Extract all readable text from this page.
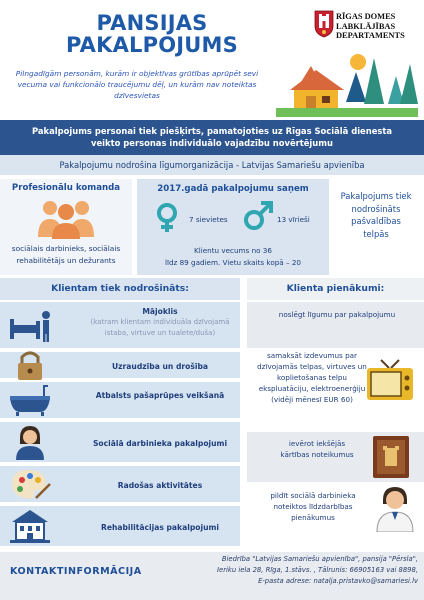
PANSIJAS
PAKALPOJUMS
RĪGAS DOMES
LABKLĀJĪBAS
DEPARTAMENTS
Pilngadīgām personām, kurām ir objektīvas grūtības aprūpēt sevi vecuma vai funkcionālo traucējumu dēļ, un kurām nav noteiktas dzīvesvietas
Pakalpojums personai tiek piešķirts, pamatojoties uz Rīgas Sociālā dienesta
veikto personas individuālo vajadzību novērtējumu
Pakalpojumu nodrošina līgumorganizācija - Latvijas Samariešu apvienība
Profesionālu komanda
sociālais darbinieks, sociālais rehabilitētājs un dežurants
2017.gadā pakalpojumu saņem
7 sievietes	13 vīrieši
Klientu vecums no 36
līdz 89 gadiem. Vietu skaits kopā – 20
Pakalpojums tiek nodrošināts pašvaldības telpās
Klientam tiek nodrošināts:	Klienta pienākumi:
Mājoklis
(katram klientam individuāla dzīvojamā istaba, virtuve un tualete/duša)
Uzraudzība un drošība
Atbalsts pašaprūpes veikšanā
Sociālā darbinieka pakalpojumi
Radošas aktivitātes
Rehabilitācijas pakalpojumi
noslēgt līgumu par pakalpojumu
samaksāt izdevumus par dzīvojamās telpas, virtuves un koplietošanas telpu ekspluatāciju, elektroenerģiju (vidēji mēnesī EUR 60)
ievērot iekšējās kārtības noteikumus
pildīt sociālā darbinieka noteiktos līdzdarbības pienākumus
KONTAKTINFORMĀCIJA
Biedrība "Latvijas Samariešu apvienība", pansija "Pērsla",
Ieriku iela 28, Rīga, 1.stāvs. , Tālrunis: 66905163 vai 8898,
E-pasta adrese: natalja.pristavko@samariesi.lv
